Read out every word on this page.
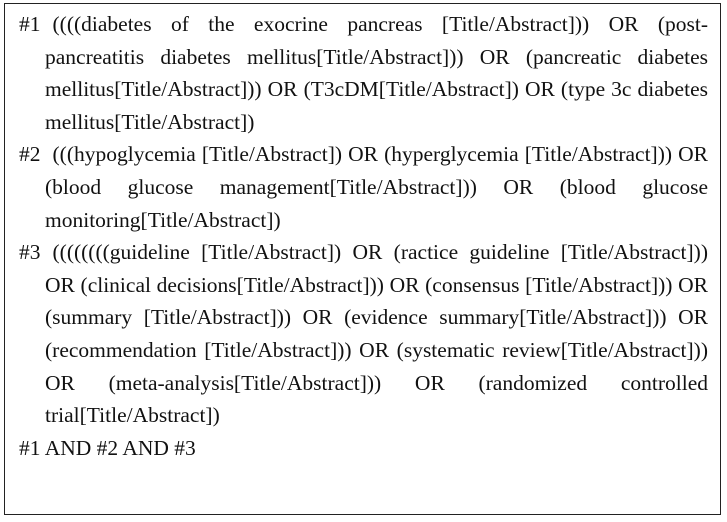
#1 ((((diabetes of the exocrine pancreas [Title/Abstract])) OR (post-pancreatitis diabetes mellitus[Title/Abstract])) OR (pancreatic diabetes mellitus[Title/Abstract])) OR (T3cDM[Title/Abstract]) OR (type 3c diabetes mellitus[Title/Abstract])

#2 (((hypoglycemia [Title/Abstract]) OR (hyperglycemia [Title/Abstract])) OR (blood glucose management[Title/Abstract])) OR (blood glucose monitoring[Title/Abstract])

#3 ((((((((guideline [Title/Abstract]) OR (ractice guideline [Title/Abstract])) OR (clinical decisions[Title/Abstract])) OR (consensus [Title/Abstract])) OR (summary [Title/Abstract])) OR (evidence summary[Title/Abstract])) OR (recommendation [Title/Abstract])) OR (systematic review[Title/Abstract])) OR (meta-analysis[Title/Abstract])) OR (randomized controlled trial[Title/Abstract])

#1 AND #2 AND #3
